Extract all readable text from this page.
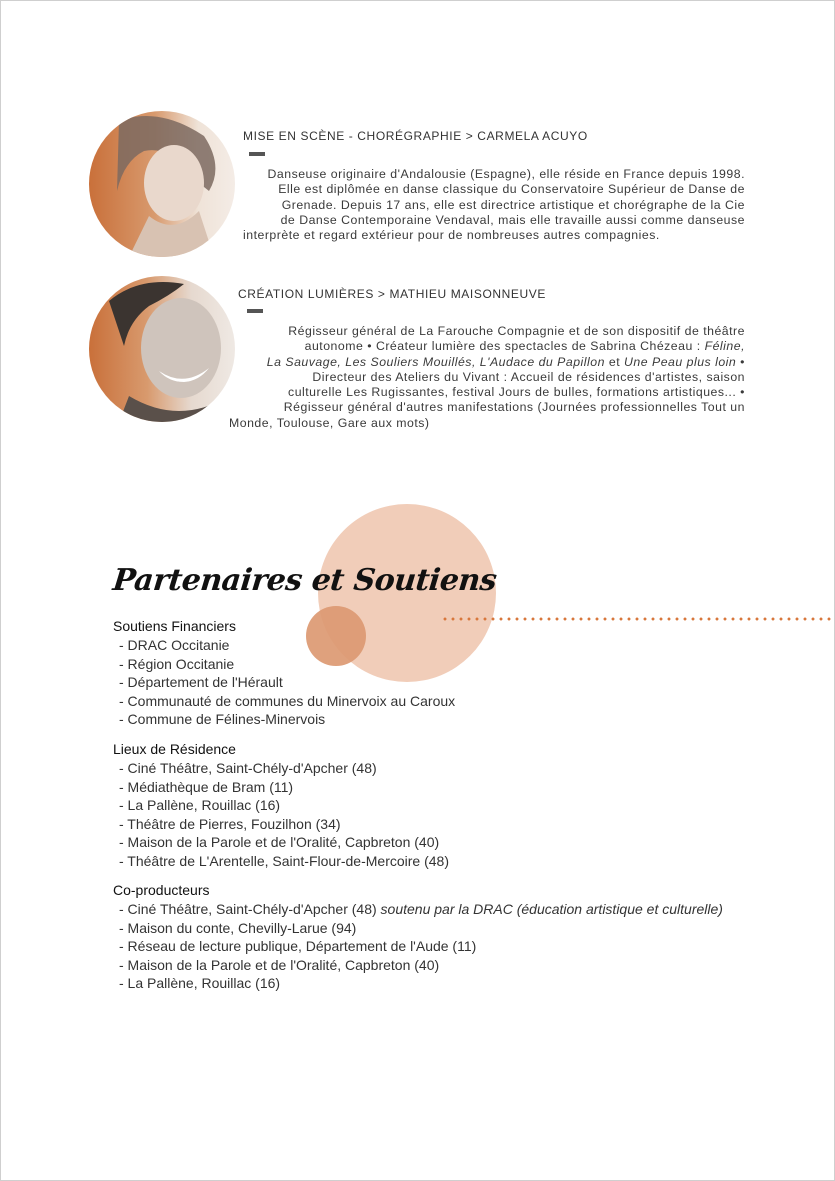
MISE EN SCÈNE - CHORÉGRAPHIE > CARMELA ACUYO
Danseuse originaire d'Andalousie (Espagne), elle réside en France depuis 1998.
Elle est diplômée en danse classique du Conservatoire Supérieur de Danse de
Grenade. Depuis 17 ans, elle est directrice artistique et chorégraphe de la Cie
de Danse Contemporaine Vendaval, mais elle travaille aussi comme danseuse
interprète et regard extérieur pour de nombreuses autres compagnies.
CRÉATION LUMIÈRES > MATHIEU MAISONNEUVE
Régisseur général de La Farouche Compagnie et de son dispositif de théâtre
autonome • Créateur lumière des spectacles de Sabrina Chézeau : Féline,
La Sauvage, Les Souliers Mouillés, L'Audace du Papillon et Une Peau plus loin •
Directeur des Ateliers du Vivant : Accueil de résidences d'artistes, saison
culturelle Les Rugissantes, festival Jours de bulles, formations artistiques... •
Régisseur général d'autres manifestations (Journées professionnelles Tout un
Monde, Toulouse, Gare aux mots)
Partenaires et Soutiens
Soutiens Financiers
- DRAC Occitanie
- Région Occitanie
- Département de l'Hérault
- Communauté de communes du Minervoix au Caroux
- Commune de Félines-Minervois
Lieux de Résidence
- Ciné Théâtre, Saint-Chély-d'Apcher (48)
- Médiathèque de Bram (11)
- La Pallène, Rouillac (16)
- Théâtre de Pierres, Fouzilhon (34)
- Maison de la Parole et de l'Oralité, Capbreton (40)
- Théâtre de L'Arentelle, Saint-Flour-de-Mercoire (48)
Co-producteurs
- Ciné Théâtre, Saint-Chély-d'Apcher (48) soutenu par la DRAC (éducation artistique et culturelle)
- Maison du conte, Chevilly-Larue (94)
- Réseau de lecture publique, Département de l'Aude (11)
- Maison de la Parole et de l'Oralité, Capbreton (40)
- La Pallène, Rouillac (16)
